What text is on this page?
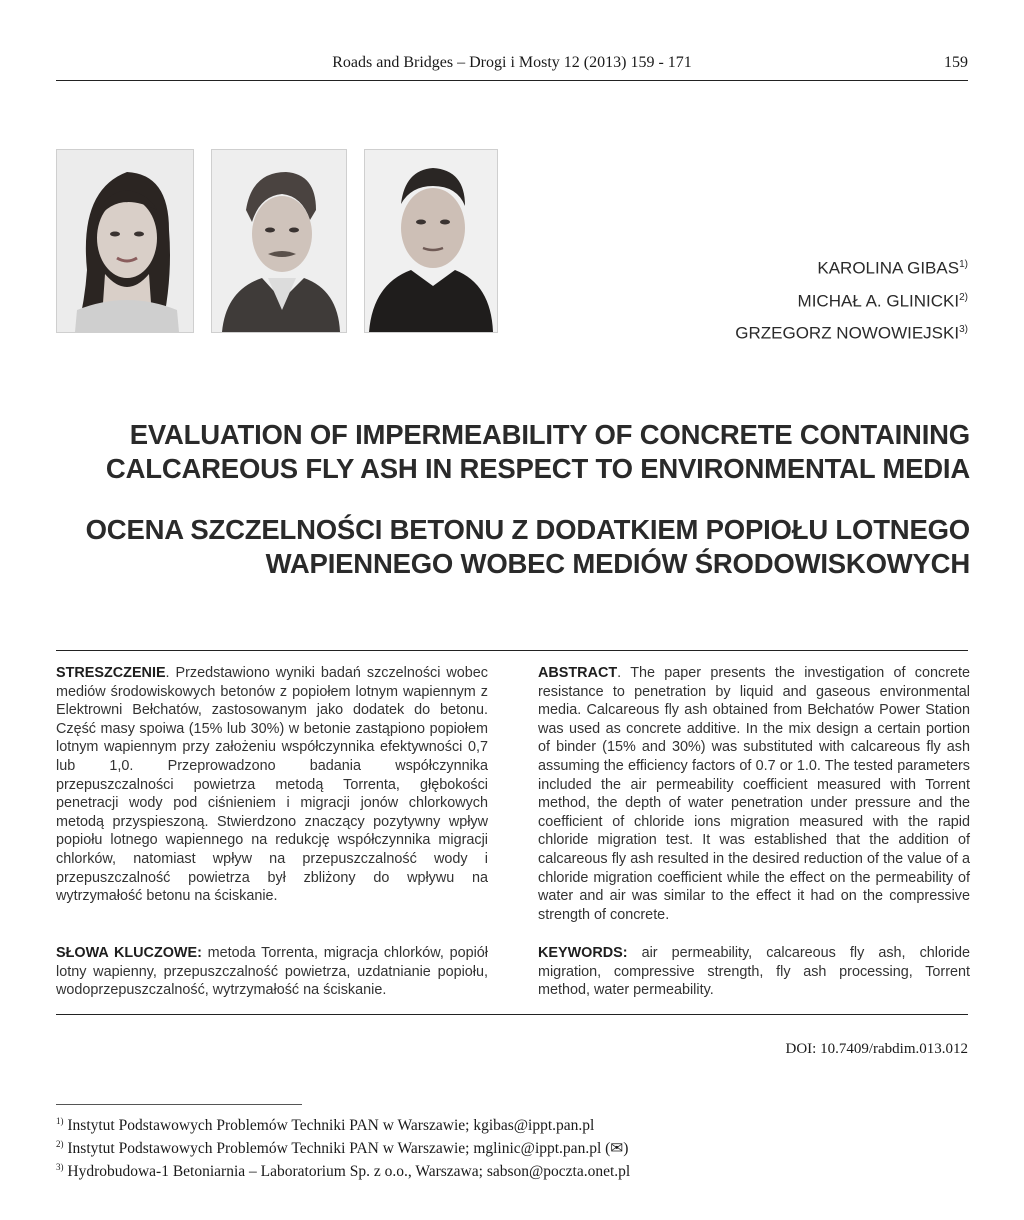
Roads and Bridges – Drogi i Mosty 12 (2013) 159 - 171	159
KAROLINA GIBAS$^{1)}$
MICHAŁ A. GLINICKI$^{2)}$
GRZEGORZ NOWOWIEJSKI$^{3)}$
EVALUATION OF IMPERMEABILITY OF CONCRETE CONTAINING
CALCAREOUS FLY ASH IN RESPECT TO ENVIRONMENTAL MEDIA
OCENA SZCZELNOŚCI BETONU Z DODATKIEM POPIOŁU LOTNEGO
WAPIENNEGO WOBEC MEDIÓW ŚRODOWISKOWYCH

STRESZCZENIE. Przedstawiono wyniki badań szczelności wobec mediów środowiskowych betonów z popiołem lotnym wapiennym z Elektrowni Bełchatów, zastosowanym jako dodatek do betonu. Część masy spoiwa (15% lub 30%) w betonie zastąpiono popiołem lotnym wapiennym przy założeniu współczynnika efektywności 0,7 lub 1,0. Przeprowadzono badania współczynnika przepuszczalności powietrza metodą Torrenta, głębokości penetracji wody pod ciśnieniem i migracji jonów chlorkowych metodą przyspieszoną. Stwierdzono znaczący pozytywny wpływ popiołu lotnego wapiennego na redukcję współczynnika migracji chlorków, natomiast wpływ na przepuszczalność wody i przepuszczalność powietrza był zbliżony do wpływu na wytrzymałość betonu na ściskanie.

ABSTRACT. The paper presents the investigation of concrete resistance to penetration by liquid and gaseous environmental media. Calcareous fly ash obtained from Bełchatów Power Station was used as concrete additive. In the mix design a certain portion of binder (15% and 30%) was substituted with calcareous fly ash assuming the efficiency factors of 0.7 or 1.0. The tested parameters included the air permeability coefficient measured with Torrent method, the depth of water penetration under pressure and the coefficient of chloride ions migration measured with the rapid chloride migration test. It was established that the addition of calcareous fly ash resulted in the desired reduction of the value of a chloride migration coefficient while the effect on the permeability of water and air was similar to the effect it had on the compressive strength of concrete.

SŁOWA KLUCZOWE: metoda Torrenta, migracja chlorków, popiół lotny wapienny, przepuszczalność powietrza, uzdatnianie popiołu, wodoprzepuszczalność, wytrzymałość na ściskanie.

KEYWORDS: air permeability, calcareous fly ash, chloride migration, compressive strength, fly ash processing, Torrent method, water permeability.

DOI: 10.7409/rabdim.013.012
$^{1)}$ Instytut Podstawowych Problemów Techniki PAN w Warszawie; kgibas@ippt.pan.pl
$^{2)}$ Instytut Podstawowych Problemów Techniki PAN w Warszawie; mglinic@ippt.pan.pl (✉)
$^{3)}$ Hydrobudowa-1 Betoniarnia – Laboratorium Sp. z o.o., Warszawa; sabson@poczta.onet.pl
